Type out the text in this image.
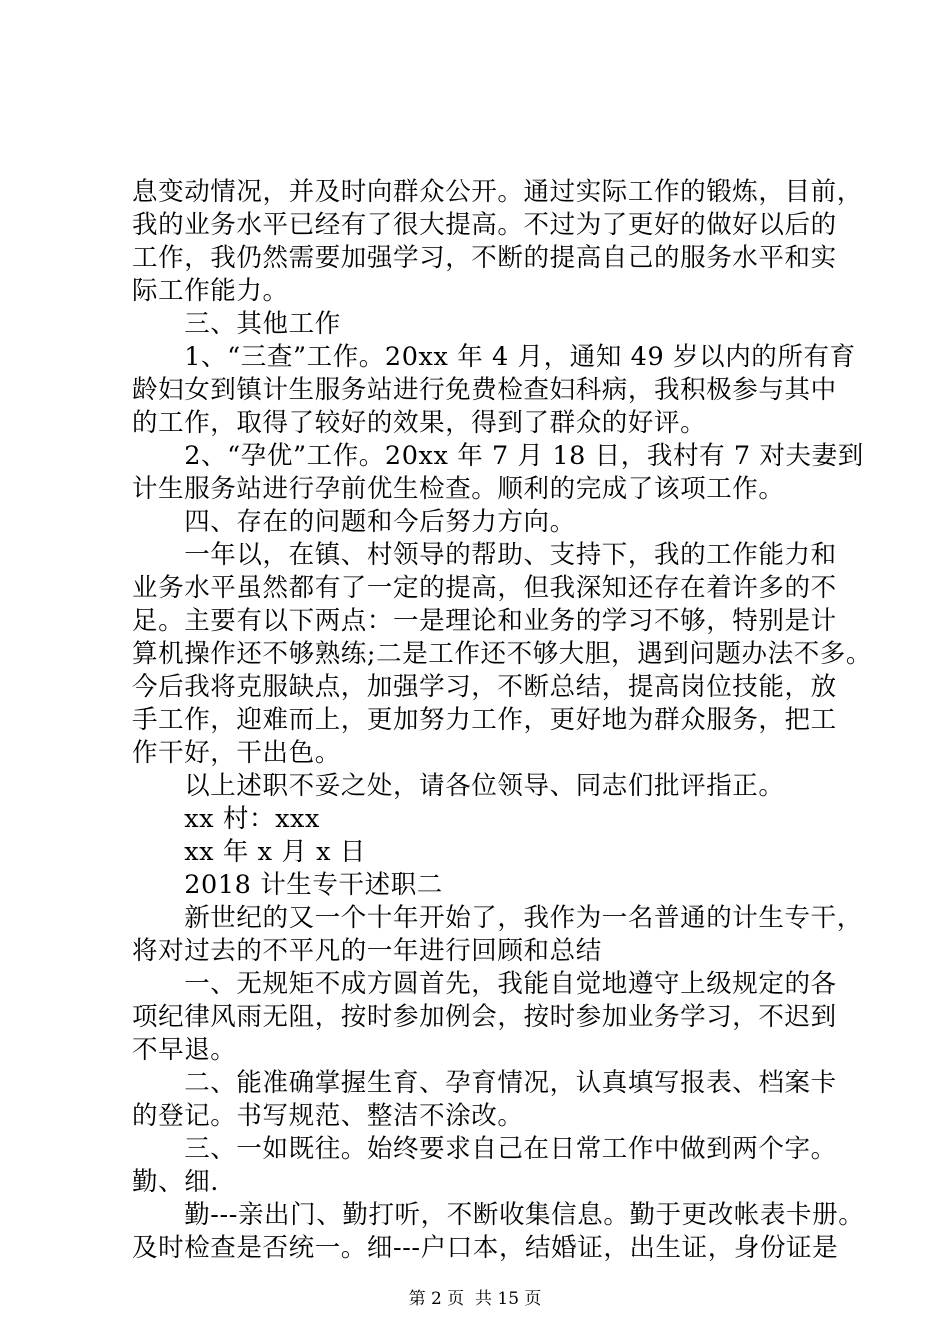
息变动情况，并及时向群众公开。通过实际工作的锻炼，目前，
我的业务水平已经有了很大提高。不过为了更好的做好以后的
工作，我仍然需要加强学习，不断的提高自己的服务水平和实
际工作能力。
　　三、其他工作
　　1、“三查”工作。20xx 年 4 月，通知 49 岁以内的所有育
龄妇女到镇计生服务站进行免费检查妇科病，我积极参与其中
的工作，取得了较好的效果，得到了群众的好评。
　　2、“孕优”工作。20xx 年 7 月 18 日，我村有 7 对夫妻到
计生服务站进行孕前优生检查。顺利的完成了该项工作。
　　四、存在的问题和今后努力方向。
　　一年以，在镇、村领导的帮助、支持下，我的工作能力和
业务水平虽然都有了一定的提高，但我深知还存在着许多的不
足。主要有以下两点：一是理论和业务的学习不够，特别是计
算机操作还不够熟练;二是工作还不够大胆，遇到问题办法不多。
今后我将克服缺点，加强学习，不断总结，提高岗位技能，放
手工作，迎难而上，更加努力工作，更好地为群众服务，把工
作干好，干出色。
　　以上述职不妥之处，请各位领导、同志们批评指正。
　　xx 村：xxx
　　xx 年 x 月 x 日
　　2018 计生专干述职二
　　新世纪的又一个十年开始了，我作为一名普通的计生专干，
将对过去的不平凡的一年进行回顾和总结
　　一、无规矩不成方圆首先，我能自觉地遵守上级规定的各
项纪律风雨无阻，按时参加例会，按时参加业务学习，不迟到
不早退。
　　二、能准确掌握生育、孕育情况，认真填写报表、档案卡
的登记。书写规范、整洁不涂改。
　　三、一如既往。始终要求自己在日常工作中做到两个字。
勤、细.
　　勤---亲出门、勤打听，不断收集信息。勤于更改帐表卡册。
及时检查是否统一。细---户口本，结婚证，出生证，身份证是
第 2 页  共 15 页
